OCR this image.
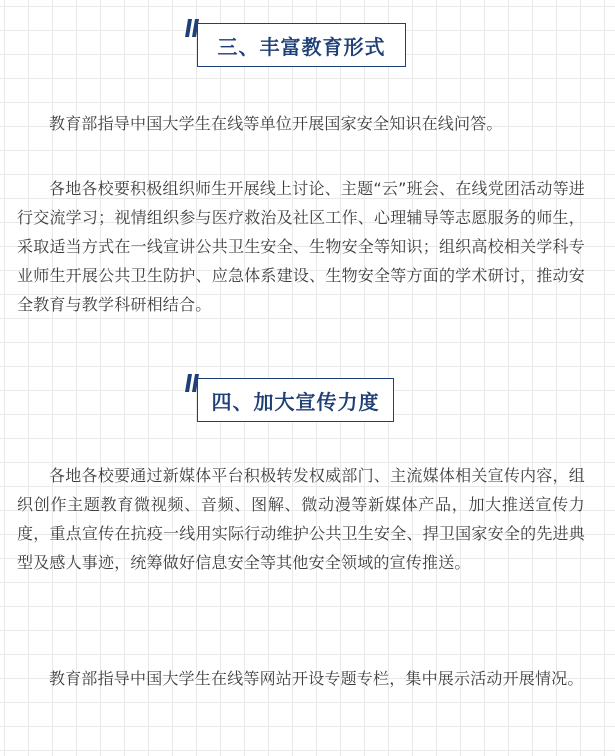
三、丰富教育形式

教育部指导中国大学生在线等单位开展国家安全知识在线问答。

各地各校要积极组织师生开展线上讨论、主题“云”班会、在线党团活动等进行交流学习；视情组织参与医疗救治及社区工作、心理辅导等志愿服务的师生，采取适当方式在一线宣讲公共卫生安全、生物安全等知识；组织高校相关学科专业师生开展公共卫生防护、应急体系建设、生物安全等方面的学术研讨，推动安全教育与教学科研相结合。

四、加大宣传力度

各地各校要通过新媒体平台积极转发权威部门、主流媒体相关宣传内容，组织创作主题教育微视频、音频、图解、微动漫等新媒体产品，加大推送宣传力度，重点宣传在抗疫一线用实际行动维护公共卫生安全、捍卫国家安全的先进典型及感人事迹，统筹做好信息安全等其他安全领域的宣传推送。

教育部指导中国大学生在线等网站开设专题专栏，集中展示活动开展情况。
